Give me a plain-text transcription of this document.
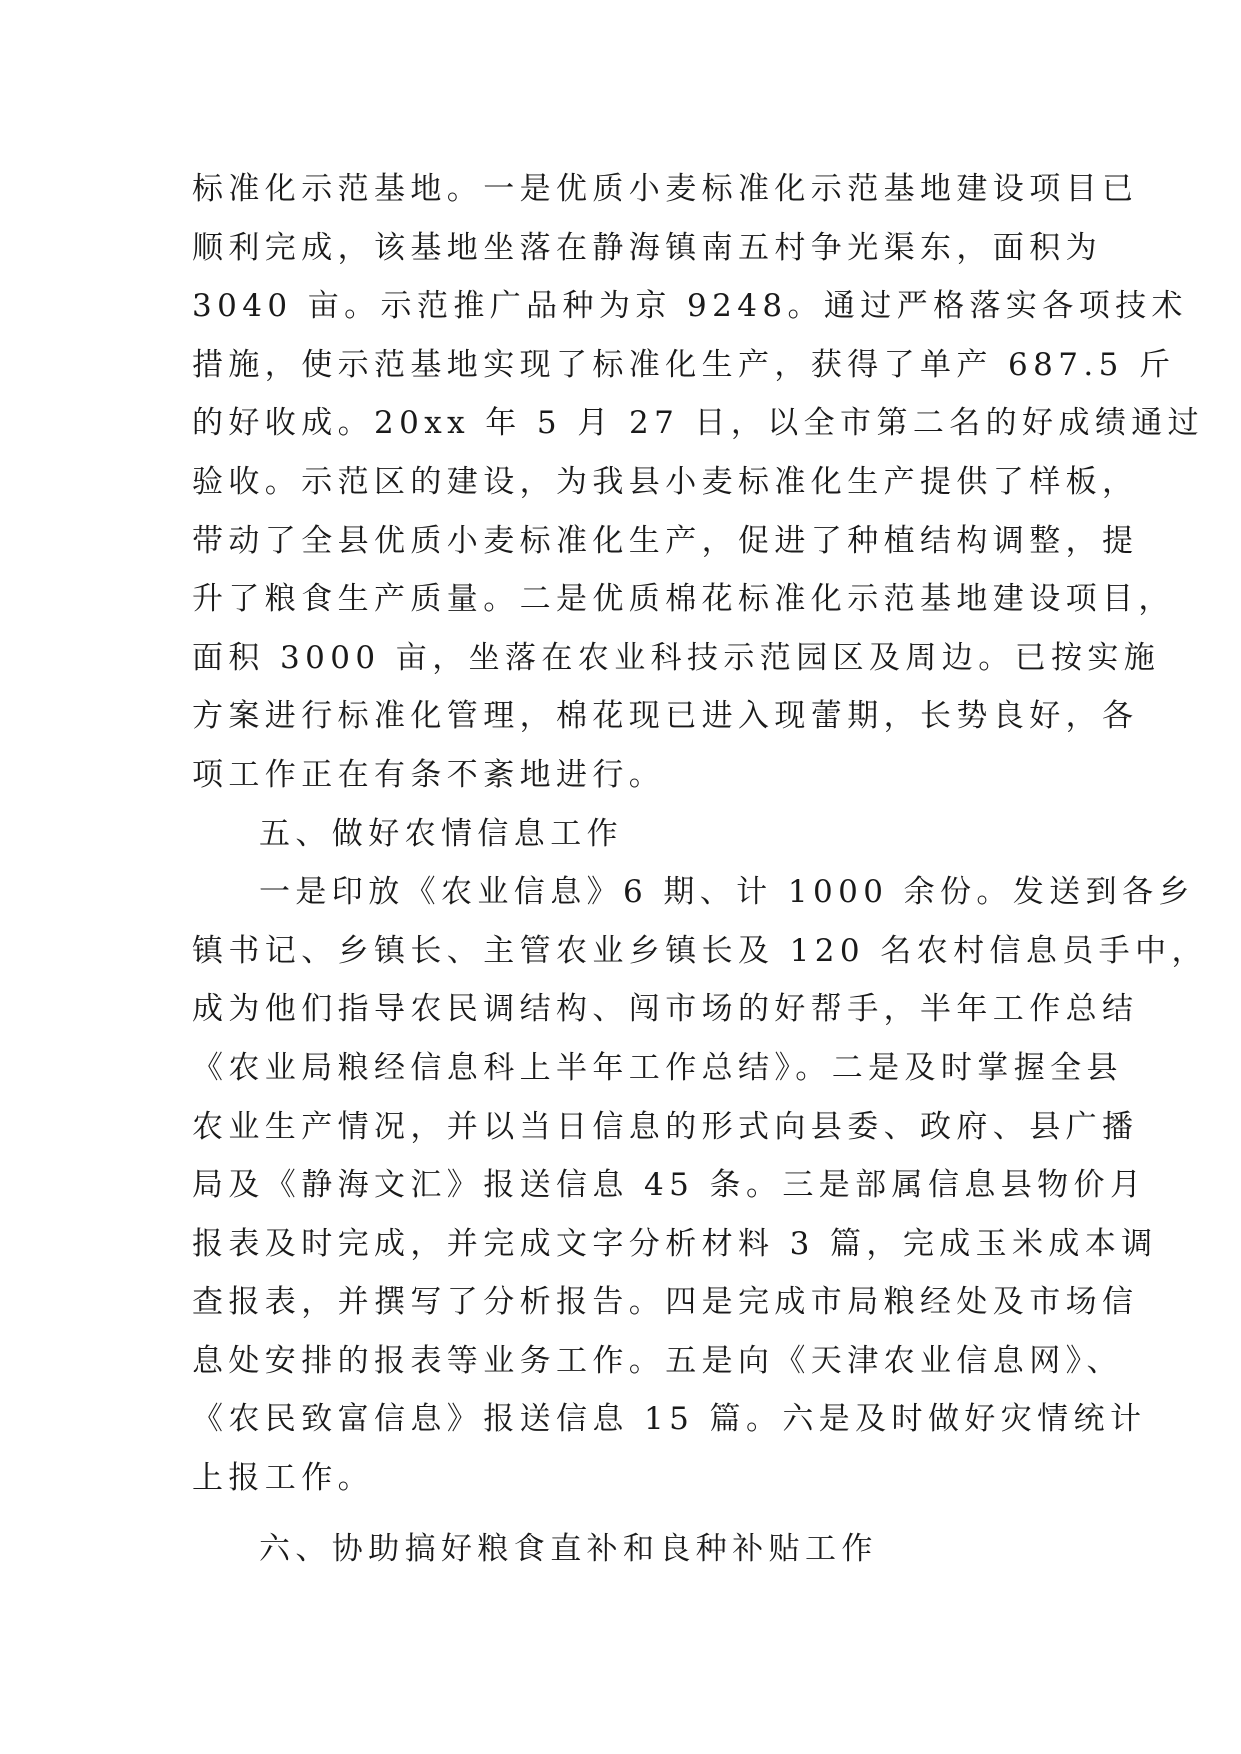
标准化示范基地。一是优质小麦标准化示范基地建设项目已
顺利完成，该基地坐落在静海镇南五村争光渠东，面积为
3040 亩。示范推广品种为京 9248。通过严格落实各项技术
措施，使示范基地实现了标准化生产，获得了单产 687.5 斤
的好收成。20xx 年 5 月 27 日，以全市第二名的好成绩通过
验收。示范区的建设，为我县小麦标准化生产提供了样板，
带动了全县优质小麦标准化生产，促进了种植结构调整，提
升了粮食生产质量。二是优质棉花标准化示范基地建设项目，
面积 3000 亩，坐落在农业科技示范园区及周边。已按实施
方案进行标准化管理，棉花现已进入现蕾期，长势良好，各
项工作正在有条不紊地进行。
五、做好农情信息工作
一是印放《农业信息》6 期、计 1000 余份。发送到各乡
镇书记、乡镇长、主管农业乡镇长及 120 名农村信息员手中，
成为他们指导农民调结构、闯市场的好帮手，半年工作总结
《农业局粮经信息科上半年工作总结》。二是及时掌握全县
农业生产情况，并以当日信息的形式向县委、政府、县广播
局及《静海文汇》报送信息 45 条。三是部属信息县物价月
报表及时完成，并完成文字分析材料 3 篇，完成玉米成本调
查报表，并撰写了分析报告。四是完成市局粮经处及市场信
息处安排的报表等业务工作。五是向《天津农业信息网》、
《农民致富信息》报送信息 15 篇。六是及时做好灾情统计
上报工作。
六、协助搞好粮食直补和良种补贴工作
